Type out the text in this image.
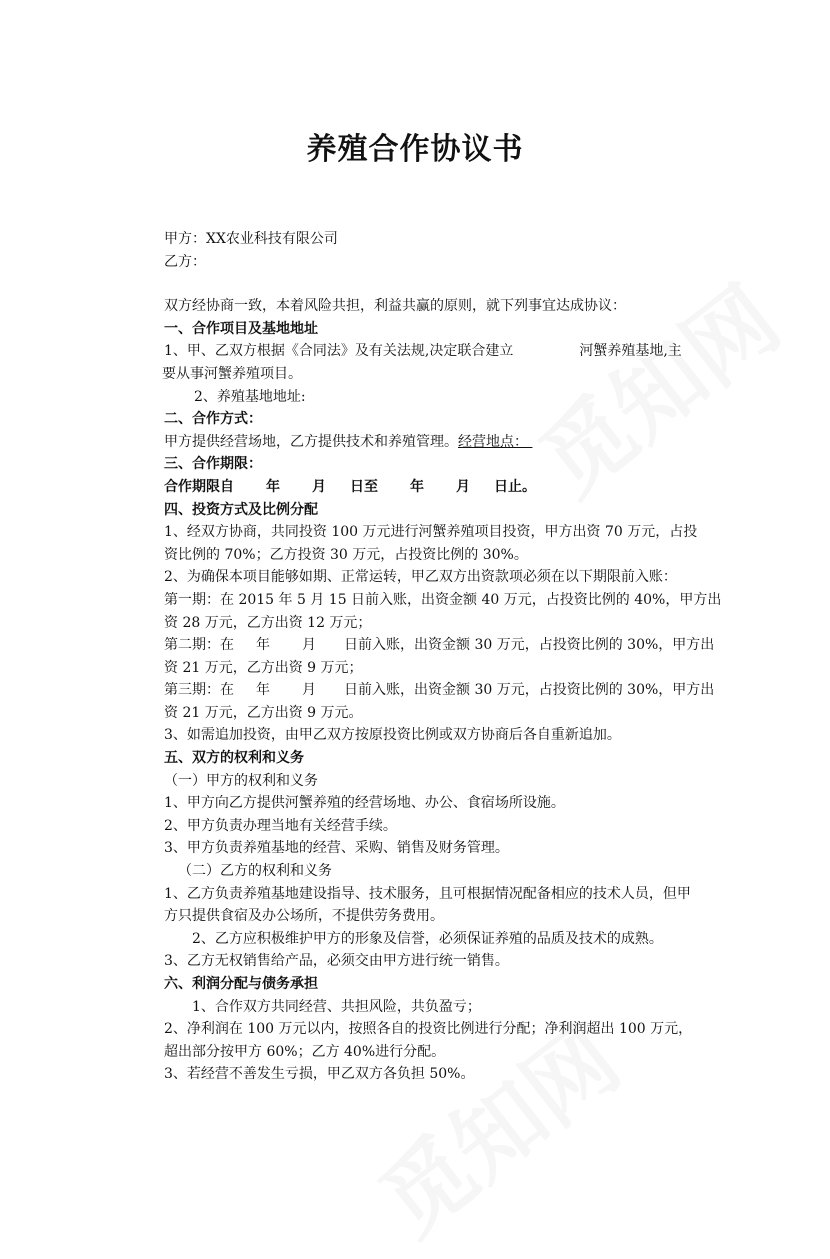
养殖合作协议书

甲方：XX农业科技有限公司

乙方：

双方经协商一致，本着风险共担，利益共赢的原则，就下列事宜达成协议：

一、合作项目及基地地址

1、甲、乙双方根据《合同法》及有关法规,决定联合建立	河蟹养殖基地,主

要从事河蟹养殖项目。

2、养殖基地地址:

二、合作方式：

甲方提供经营场地，乙方提供技术和养殖管理。经营地点：

三、合作期限：

合作期限自 年 月 日至 年 月 日止。

四、投资方式及比例分配

1、经双方协商，共同投资 100 万元进行河蟹养殖项目投资，甲方出资 70 万元，占投

资比例的 70%；乙方投资 30 万元，占投资比例的 30%。

2、为确保本项目能够如期、正常运转，甲乙双方出资款项必须在以下期限前入账：

第一期：在 2015 年 5 月 15 日前入账，出资金额 40 万元，占投资比例的 40%，甲方出

资 28 万元，乙方出资 12 万元；

第二期：在 年 月 日前入账，出资金额 30 万元，占投资比例的 30%，甲方出

资 21 万元，乙方出资 9 万元；

第三期：在 年 月 日前入账，出资金额 30 万元，占投资比例的 30%，甲方出

资 21 万元，乙方出资 9 万元。

3、如需追加投资，由甲乙双方按原投资比例或双方协商后各自重新追加。

五、双方的权利和义务

（一）甲方的权利和义务

1、甲方向乙方提供河蟹养殖的经营场地、办公、食宿场所设施。

2、甲方负责办理当地有关经营手续。

3、甲方负责养殖基地的经营、采购、销售及财务管理。

（二）乙方的权利和义务

1、乙方负责养殖基地建设指导、技术服务，且可根据情况配备相应的技术人员，但甲

方只提供食宿及办公场所，不提供劳务费用。

2、乙方应积极维护甲方的形象及信誉，必须保证养殖的品质及技术的成熟。

3、乙方无权销售给产品，必须交由甲方进行统一销售。

六、利润分配与债务承担

1、合作双方共同经营、共担风险，共负盈亏；

2、净利润在 100 万元以内，按照各自的投资比例进行分配；净利润超出 100 万元，

超出部分按甲方 60%；乙方 40%进行分配。

3、若经营不善发生亏损，甲乙双方各负担 50%。
